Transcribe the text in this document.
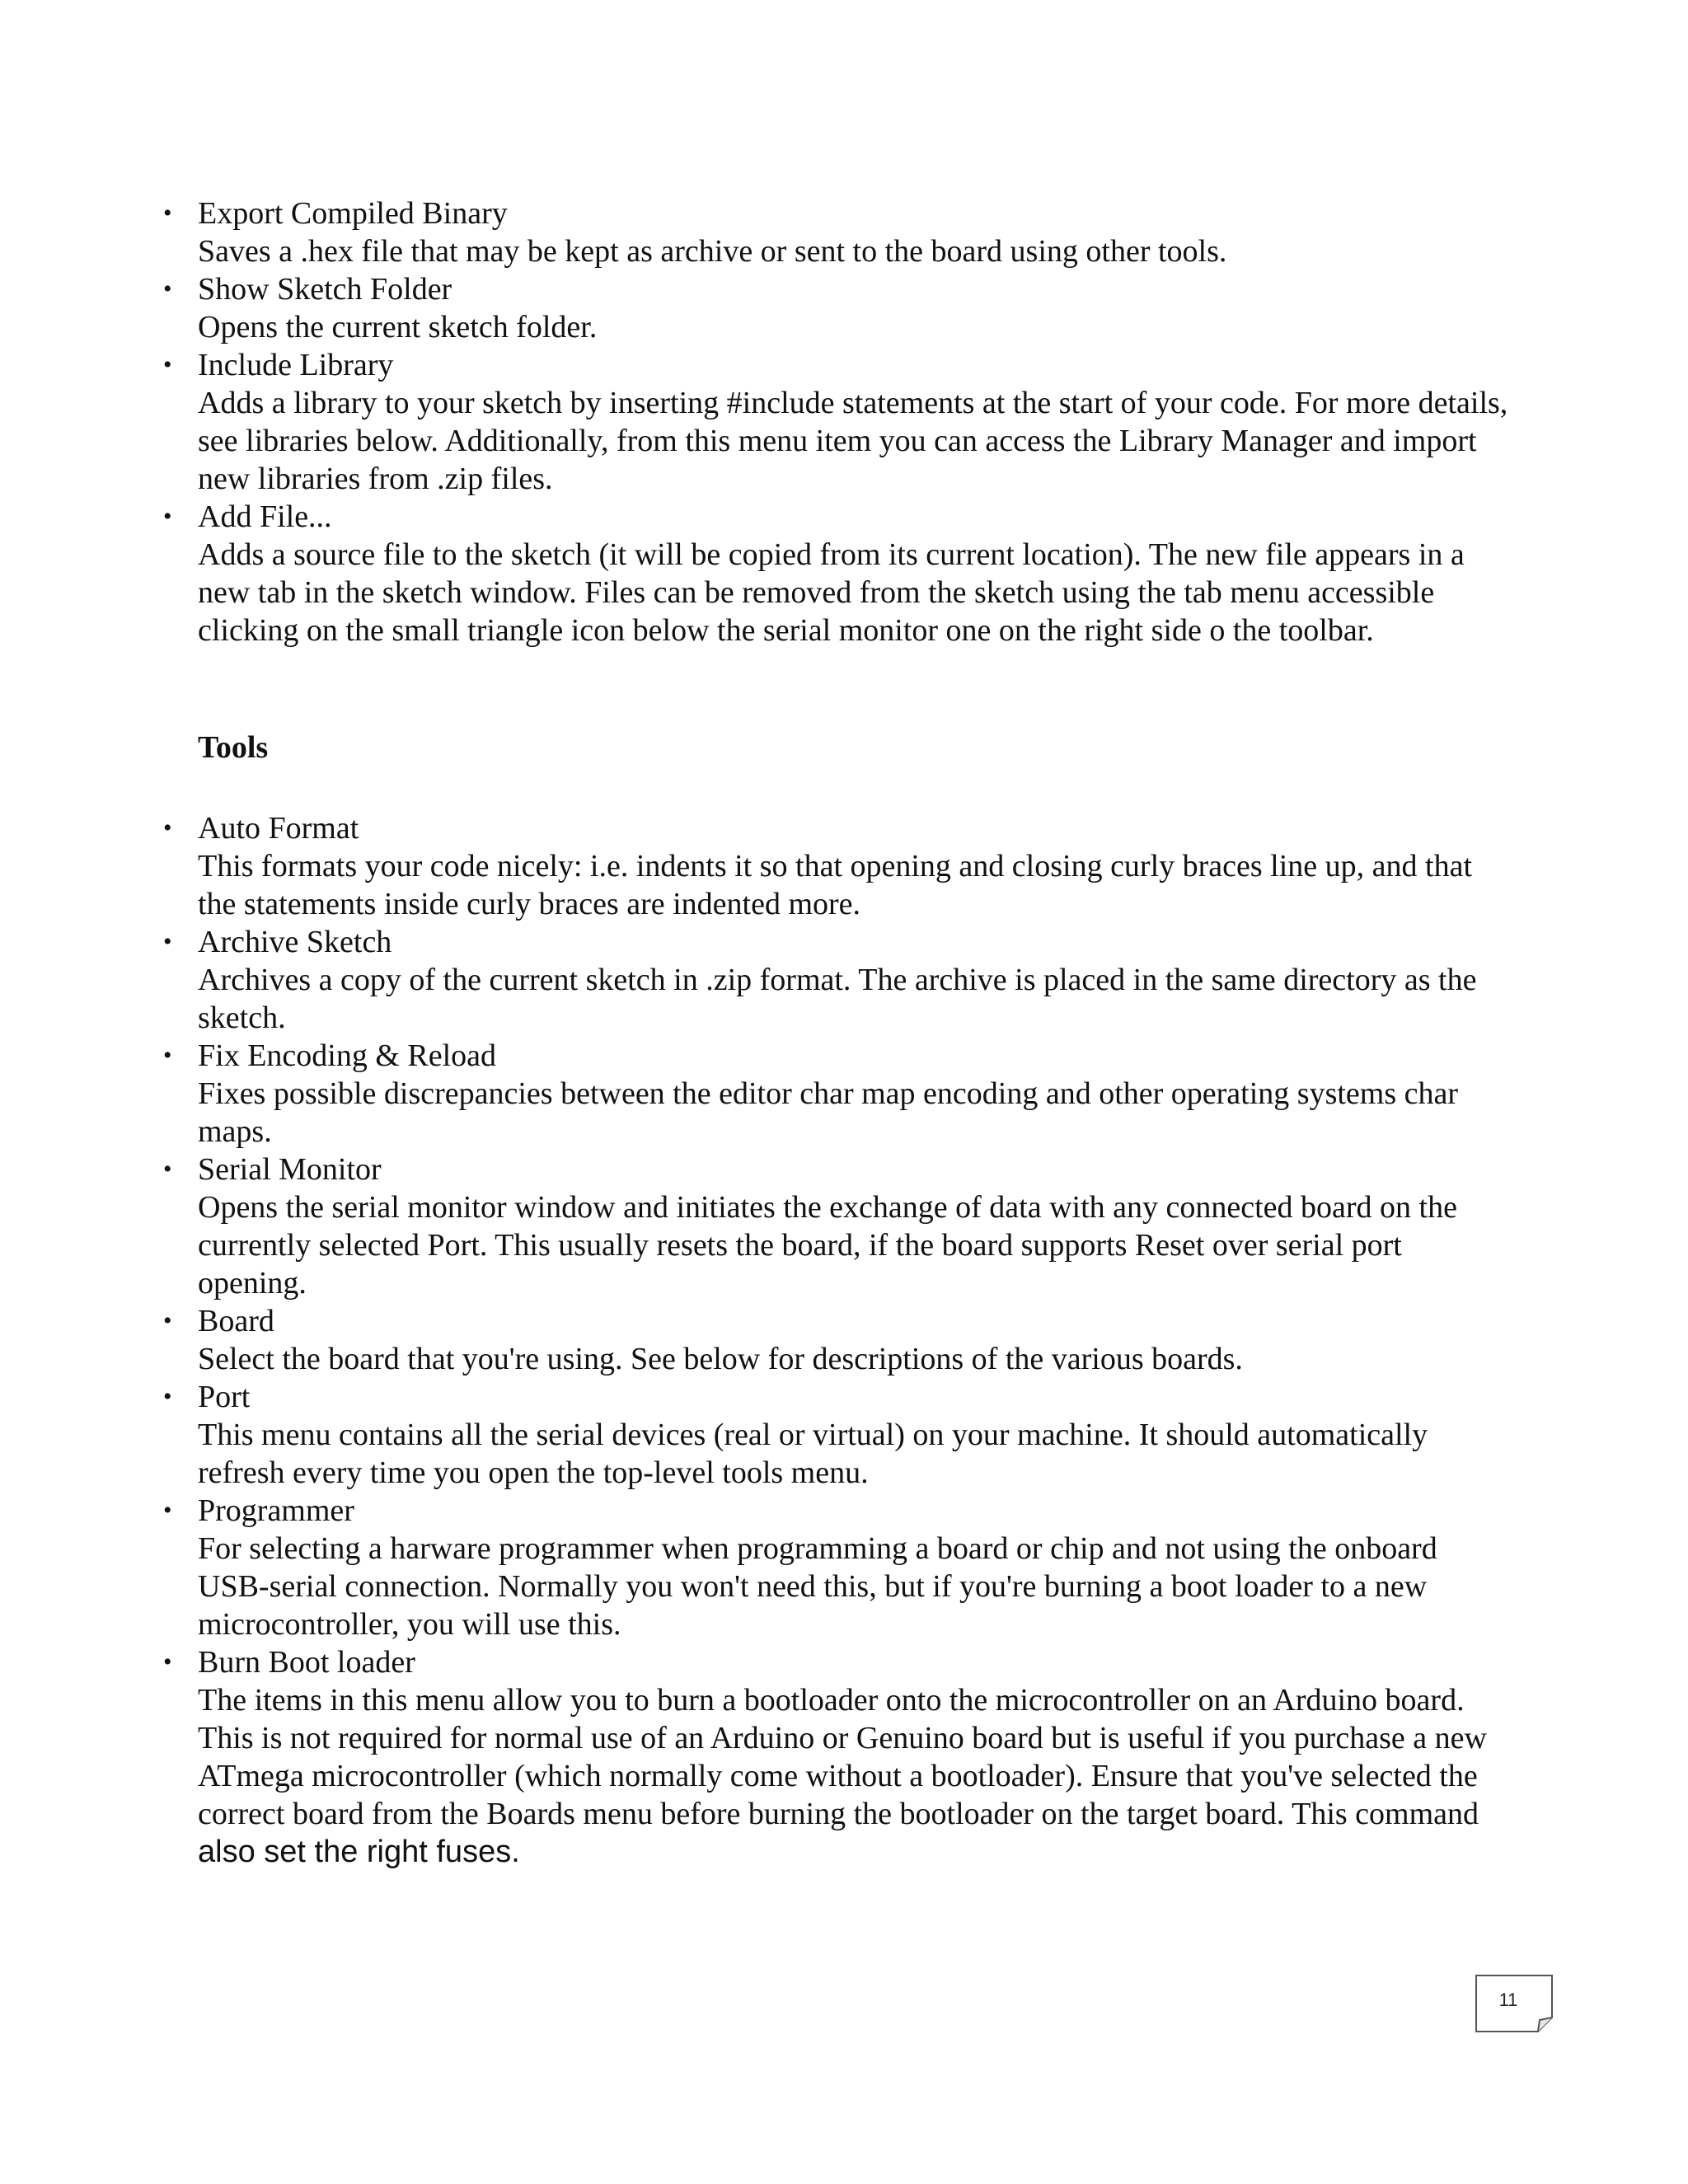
• Export Compiled Binary
Saves a .hex file that may be kept as archive or sent to the board using other tools.
• Show Sketch Folder
Opens the current sketch folder.
• Include Library
Adds a library to your sketch by inserting #include statements at the start of your code. For more details, see libraries below. Additionally, from this menu item you can access the Library Manager and import new libraries from .zip files.
• Add File...
Adds a source file to the sketch (it will be copied from its current location). The new file appears in a new tab in the sketch window. Files can be removed from the sketch using the tab menu accessible clicking on the small triangle icon below the serial monitor one on the right side o the toolbar.
Tools
• Auto Format
This formats your code nicely: i.e. indents it so that opening and closing curly braces line up, and that the statements inside curly braces are indented more.
• Archive Sketch
Archives a copy of the current sketch in .zip format. The archive is placed in the same directory as the sketch.
• Fix Encoding & Reload
Fixes possible discrepancies between the editor char map encoding and other operating systems char maps.
• Serial Monitor
Opens the serial monitor window and initiates the exchange of data with any connected board on the currently selected Port. This usually resets the board, if the board supports Reset over serial port opening.
• Board
Select the board that you're using. See below for descriptions of the various boards.
• Port
This menu contains all the serial devices (real or virtual) on your machine. It should automatically refresh every time you open the top-level tools menu.
• Programmer
For selecting a harware programmer when programming a board or chip and not using the onboard USB-serial connection. Normally you won't need this, but if you're burning a boot loader to a new microcontroller, you will use this.
• Burn Boot loader
The items in this menu allow you to burn a bootloader onto the microcontroller on an Arduino board. This is not required for normal use of an Arduino or Genuino board but is useful if you purchase a new ATmega microcontroller (which normally come without a bootloader). Ensure that you've selected the correct board from the Boards menu before burning the bootloader on the target board. This command also set the right fuses.
11
